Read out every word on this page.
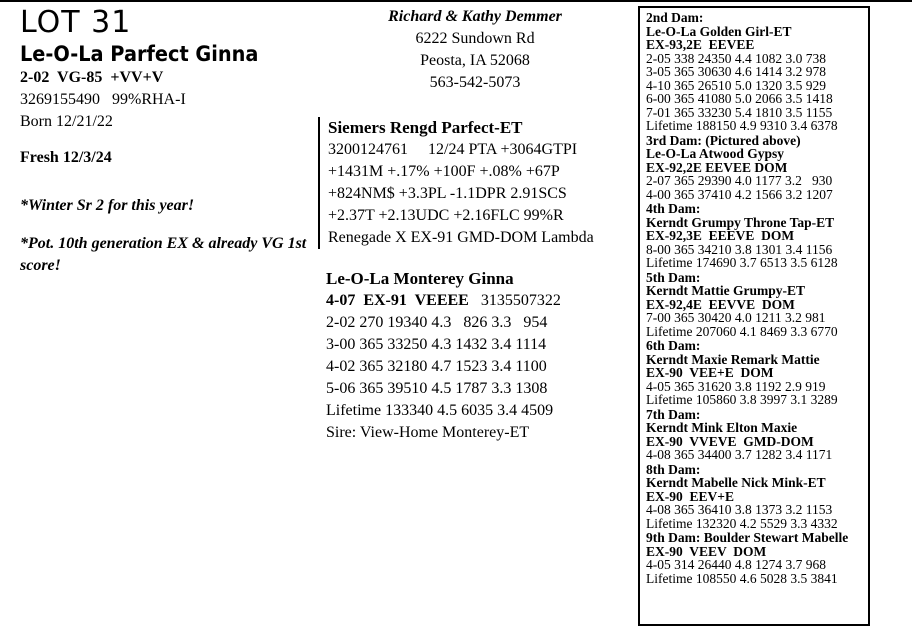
LOT 31
Le-O-La Parfect Ginna
2-02  VG-85  +VV+V
3269155490   99%RHA-I
Born 12/21/22
Fresh 12/3/24
*Winter Sr 2 for this year!
*Pot. 10th generation EX & already VG 1st score!
Richard & Kathy Demmer
6222 Sundown Rd
Peosta, IA 52068
563-542-5073
Siemers Rengd Parfect-ET
3200124761     12/24 PTA +3064GTPI
+1431M +.17% +100F +.08% +67P
+824NM$ +3.3PL -1.1DPR 2.91SCS
+2.37T +2.13UDC +2.16FLC 99%R
Renegade X EX-91 GMD-DOM Lambda
Le-O-La Monterey Ginna
4-07  EX-91  VEEEE 3135507322
2-02 270 19340 4.3   826 3.3   954
3-00 365 33250 4.3 1432 3.4 1114
4-02 365 32180 4.7 1523 3.4 1100
5-06 365 39510 4.5 1787 3.3 1308
Lifetime 133340 4.5 6035 3.4 4509
Sire: View-Home Monterey-ET
2nd Dam:
Le-O-La Golden Girl-ET
EX-93,2E  EEVEE
2-05 338 24350 4.4 1082 3.0 738
3-05 365 30630 4.6 1414 3.2 978
4-10 365 26510 5.0 1320 3.5 929
6-00 365 41080 5.0 2066 3.5 1418
7-01 365 33230 5.4 1810 3.5 1155
Lifetime 188150 4.9 9310 3.4 6378
3rd Dam: (Pictured above)
Le-O-La Atwood Gypsy
EX-92,2E EEVEE DOM
2-07 365 29390 4.0 1177 3.2   930
4-00 365 37410 4.2 1566 3.2 1207
4th Dam:
Kerndt Grumpy Throne Tap-ET
EX-92,3E  EEEVE  DOM
8-00 365 34210 3.8 1301 3.4 1156
Lifetime 174690 3.7 6513 3.5 6128
5th Dam:
Kerndt Mattie Grumpy-ET
EX-92,4E  EEVVE  DOM
7-00 365 30420 4.0 1211 3.2 981
Lifetime 207060 4.1 8469 3.3 6770
6th Dam:
Kerndt Maxie Remark Mattie
EX-90  VEE+E  DOM
4-05 365 31620 3.8 1192 2.9 919
Lifetime 105860 3.8 3997 3.1 3289
7th Dam:
Kerndt Mink Elton Maxie
EX-90  VVEVE  GMD-DOM
4-08 365 34400 3.7 1282 3.4 1171
8th Dam:
Kerndt Mabelle Nick Mink-ET
EX-90  EEV+E
4-08 365 36410 3.8 1373 3.2 1153
Lifetime 132320 4.2 5529 3.3 4332
9th Dam: Boulder Stewart Mabelle
EX-90  VEEV  DOM
4-05 314 26440 4.8 1274 3.7 968
Lifetime 108550 4.6 5028 3.5 3841
